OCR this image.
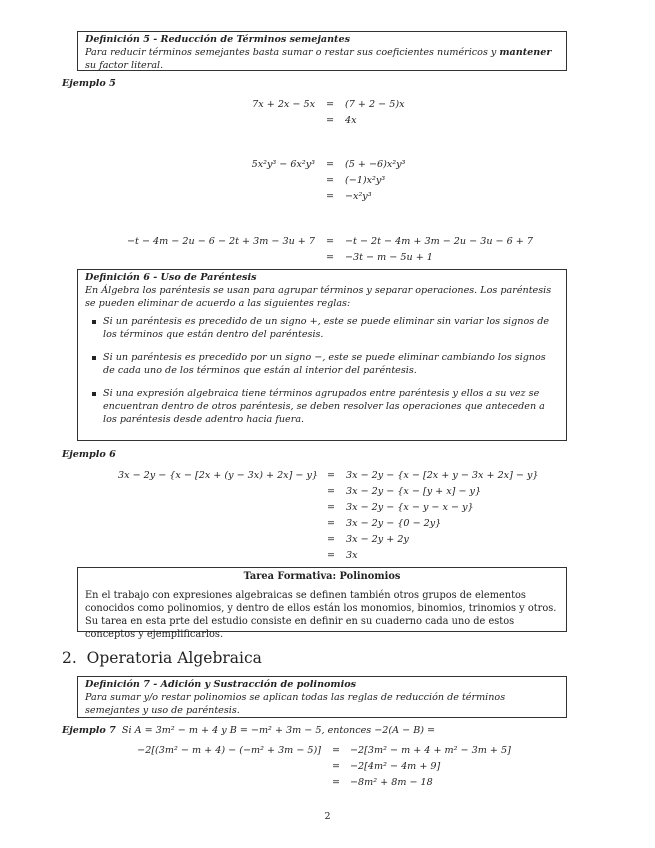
Definición 5 - Reducción de Términos semejantes
Para reducir términos semejantes basta sumar o restar sus coeficientes numéricos y mantener su factor literal.
Ejemplo 5
7x + 2x − 5x = (7 + 2 − 5)x
= 4x
5x²y³ − 6x²y³ = (5 + −6)x²y³
= (−1)x²y³
= −x²y³
−t − 4m − 2u − 6 − 2t + 3m − 3u + 7 = −t − 2t − 4m + 3m − 2u − 3u − 6 + 7
= −3t − m − 5u + 1
Definición 6 - Uso de Paréntesis
En Álgebra los paréntesis se usan para agrupar términos y separar operaciones. Los paréntesis se pueden eliminar de acuerdo a las siguientes reglas:
Si un paréntesis es precedido de un signo +, este se puede eliminar sin variar los signos de los términos que están dentro del paréntesis.
Si un paréntesis es precedido por un signo −, este se puede eliminar cambiando los signos de cada uno de los términos que están al interior del paréntesis.
Si una expresión algebraica tiene términos agrupados entre paréntesis y ellos a su vez se encuentran dentro de otros paréntesis, se deben resolver las operaciones que anteceden a los paréntesis desde adentro hacia fuera.
Ejemplo 6
3x − 2y − {x − [2x + (y − 3x) + 2x] − y} = 3x − 2y − {x − [2x + y − 3x + 2x] − y}
= 3x − 2y − {x − [y + x] − y}
= 3x − 2y − {x − y − x − y}
= 3x − 2y − {0 − 2y}
= 3x − 2y + 2y
= 3x
Tarea Formativa: Polinomios
En el trabajo con expresiones algebraicas se definen también otros grupos de elementos conocidos como polinomios, y dentro de ellos están los monomios, binomios, trinomios y otros. Su tarea en esta prte del estudio consiste en definir en su cuaderno cada uno de estos conceptos y ejemplificarlos.
2. Operatoria Algebraica
Definición 7 - Adición y Sustracción de polinomios
Para sumar y/o restar polinomios se aplican todas las reglas de reducción de términos semejantes y uso de paréntesis.
Ejemplo 7 Si A = 3m² − m + 4 y B = −m² + 3m − 5, entonces −2(A − B) =
−2[(3m² − m + 4) − (−m² + 3m − 5)] = −2[3m² − m + 4 + m² − 3m + 5]
= −2[4m² − 4m + 9]
= −8m² + 8m − 18
2
